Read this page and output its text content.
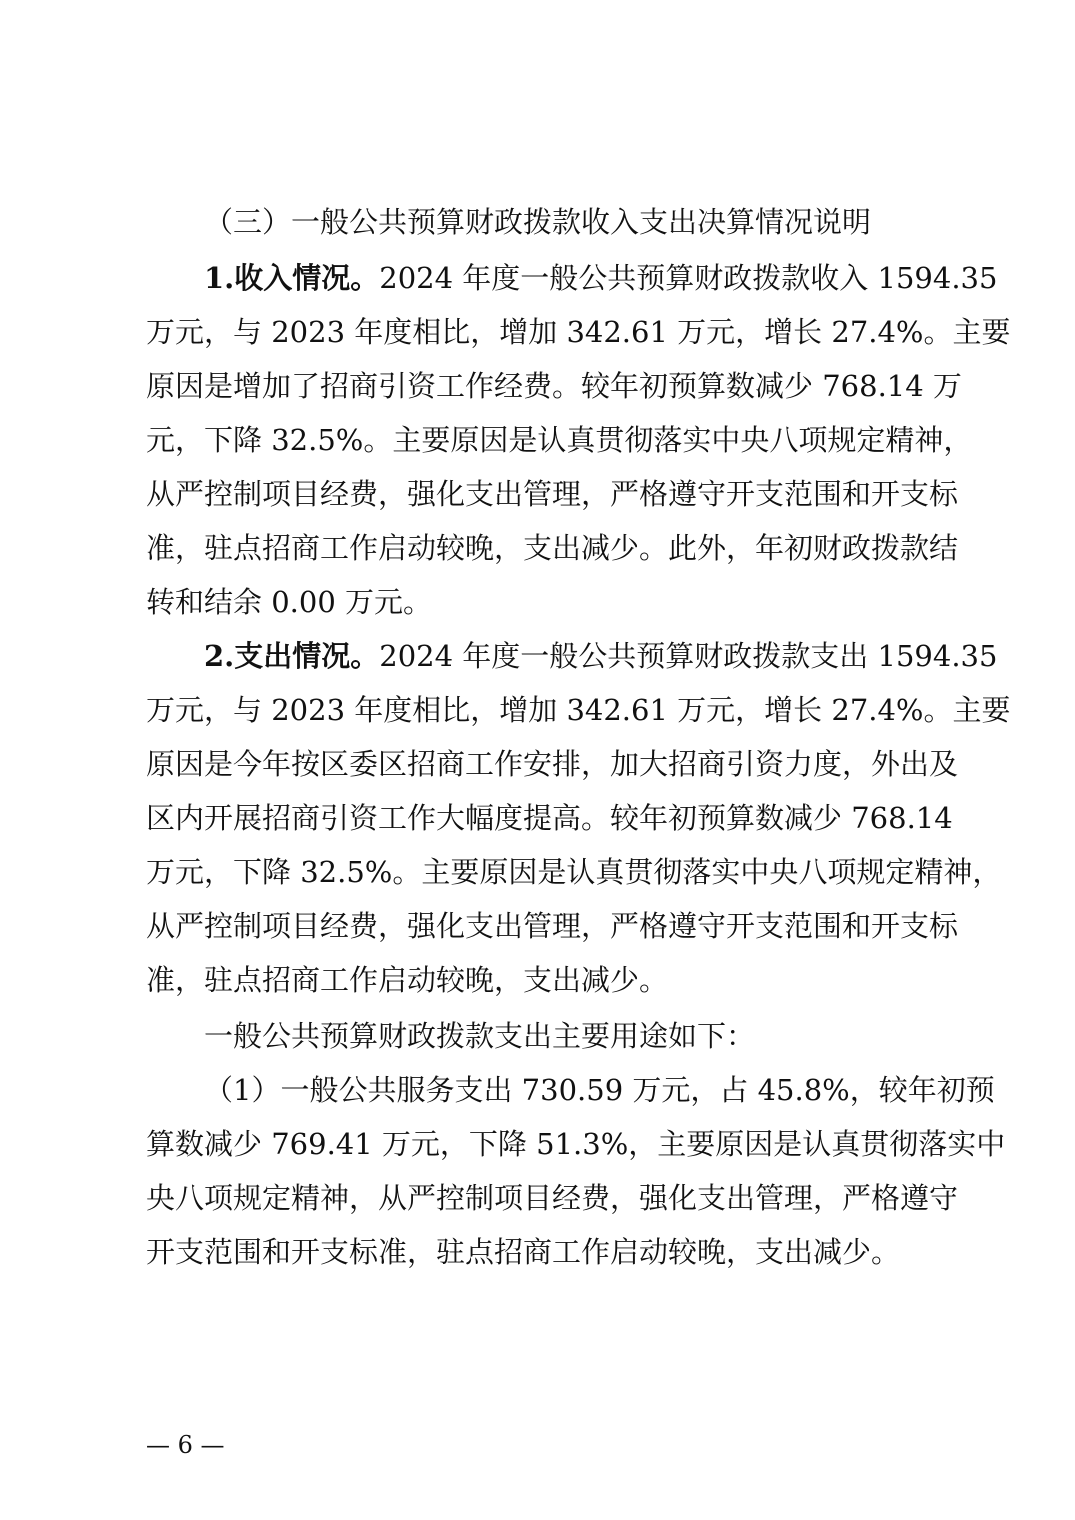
（三）一般公共预算财政拨款收入支出决算情况说明
1.收入情况。2024 年度一般公共预算财政拨款收入 1594.35
万元，与 2023 年度相比，增加 342.61 万元，增长 27.4%。主要
原因是增加了招商引资工作经费。较年初预算数减少 768.14 万
元，下降 32.5%。主要原因是认真贯彻落实中央八项规定精神，
从严控制项目经费，强化支出管理，严格遵守开支范围和开支标
准，驻点招商工作启动较晚，支出减少。此外，年初财政拨款结
转和结余 0.00 万元。
2.支出情况。2024 年度一般公共预算财政拨款支出 1594.35
万元，与 2023 年度相比，增加 342.61 万元，增长 27.4%。主要
原因是今年按区委区招商工作安排，加大招商引资力度，外出及
区内开展招商引资工作大幅度提高。较年初预算数减少 768.14
万元，下降 32.5%。主要原因是认真贯彻落实中央八项规定精神，
从严控制项目经费，强化支出管理，严格遵守开支范围和开支标
准，驻点招商工作启动较晚，支出减少。
一般公共预算财政拨款支出主要用途如下：
（1）一般公共服务支出 730.59 万元，占 45.8%，较年初预
算数减少 769.41 万元，下降 51.3%，主要原因是认真贯彻落实中
央八项规定精神，从严控制项目经费，强化支出管理，严格遵守
开支范围和开支标准，驻点招商工作启动较晚，支出减少。
— 6 —
